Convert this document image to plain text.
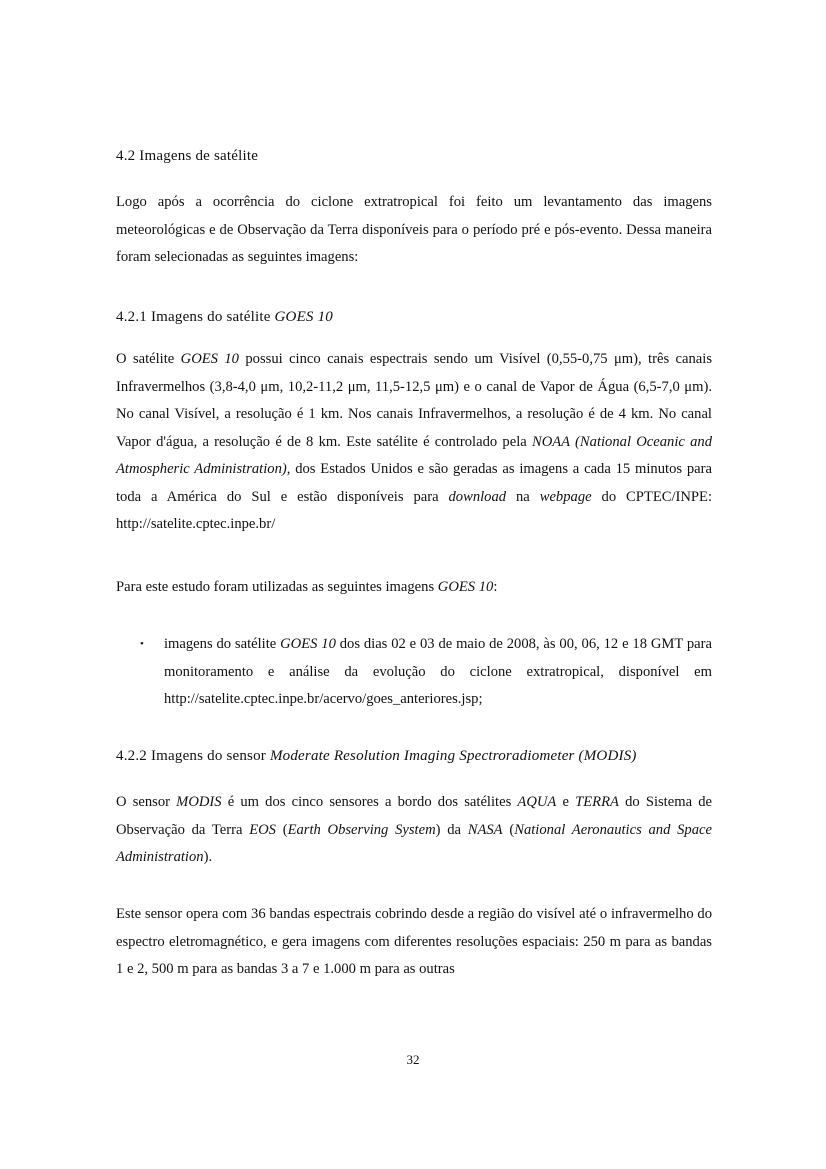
4.2 Imagens de satélite

Logo após a ocorrência do ciclone extratropical foi feito um levantamento das imagens meteorológicas e de Observação da Terra disponíveis para o período pré e pós-evento. Dessa maneira foram selecionadas as seguintes imagens:

4.2.1 Imagens do satélite GOES 10

O satélite GOES 10 possui cinco canais espectrais sendo um Visível (0,55-0,75 μm), três canais Infravermelhos (3,8-4,0 μm, 10,2-11,2 μm, 11,5-12,5 μm) e o canal de Vapor de Água (6,5-7,0 μm). No canal Visível, a resolução é 1 km. Nos canais Infravermelhos, a resolução é de 4 km. No canal Vapor d'água, a resolução é de 8 km. Este satélite é controlado pela NOAA (National Oceanic and Atmospheric Administration), dos Estados Unidos e são geradas as imagens a cada 15 minutos para toda a América do Sul e estão disponíveis para download na webpage do CPTEC/INPE: http://satelite.cptec.inpe.br/

Para este estudo foram utilizadas as seguintes imagens GOES 10:

• imagens do satélite GOES 10 dos dias 02 e 03 de maio de 2008, às 00, 06, 12 e 18 GMT para monitoramento e análise da evolução do ciclone extratropical, disponível em http://satelite.cptec.inpe.br/acervo/goes_anteriores.jsp;
4.2.2 Imagens do sensor Moderate Resolution Imaging Spectroradiometer (MODIS)

O sensor MODIS é um dos cinco sensores a bordo dos satélites AQUA e TERRA do Sistema de Observação da Terra EOS (Earth Observing System) da NASA (National Aeronautics and Space Administration).

Este sensor opera com 36 bandas espectrais cobrindo desde a região do visível até o infravermelho do espectro eletromagnético, e gera imagens com diferentes resoluções espaciais: 250 m para as bandas 1 e 2, 500 m para as bandas 3 a 7 e 1.000 m para as outras

32
